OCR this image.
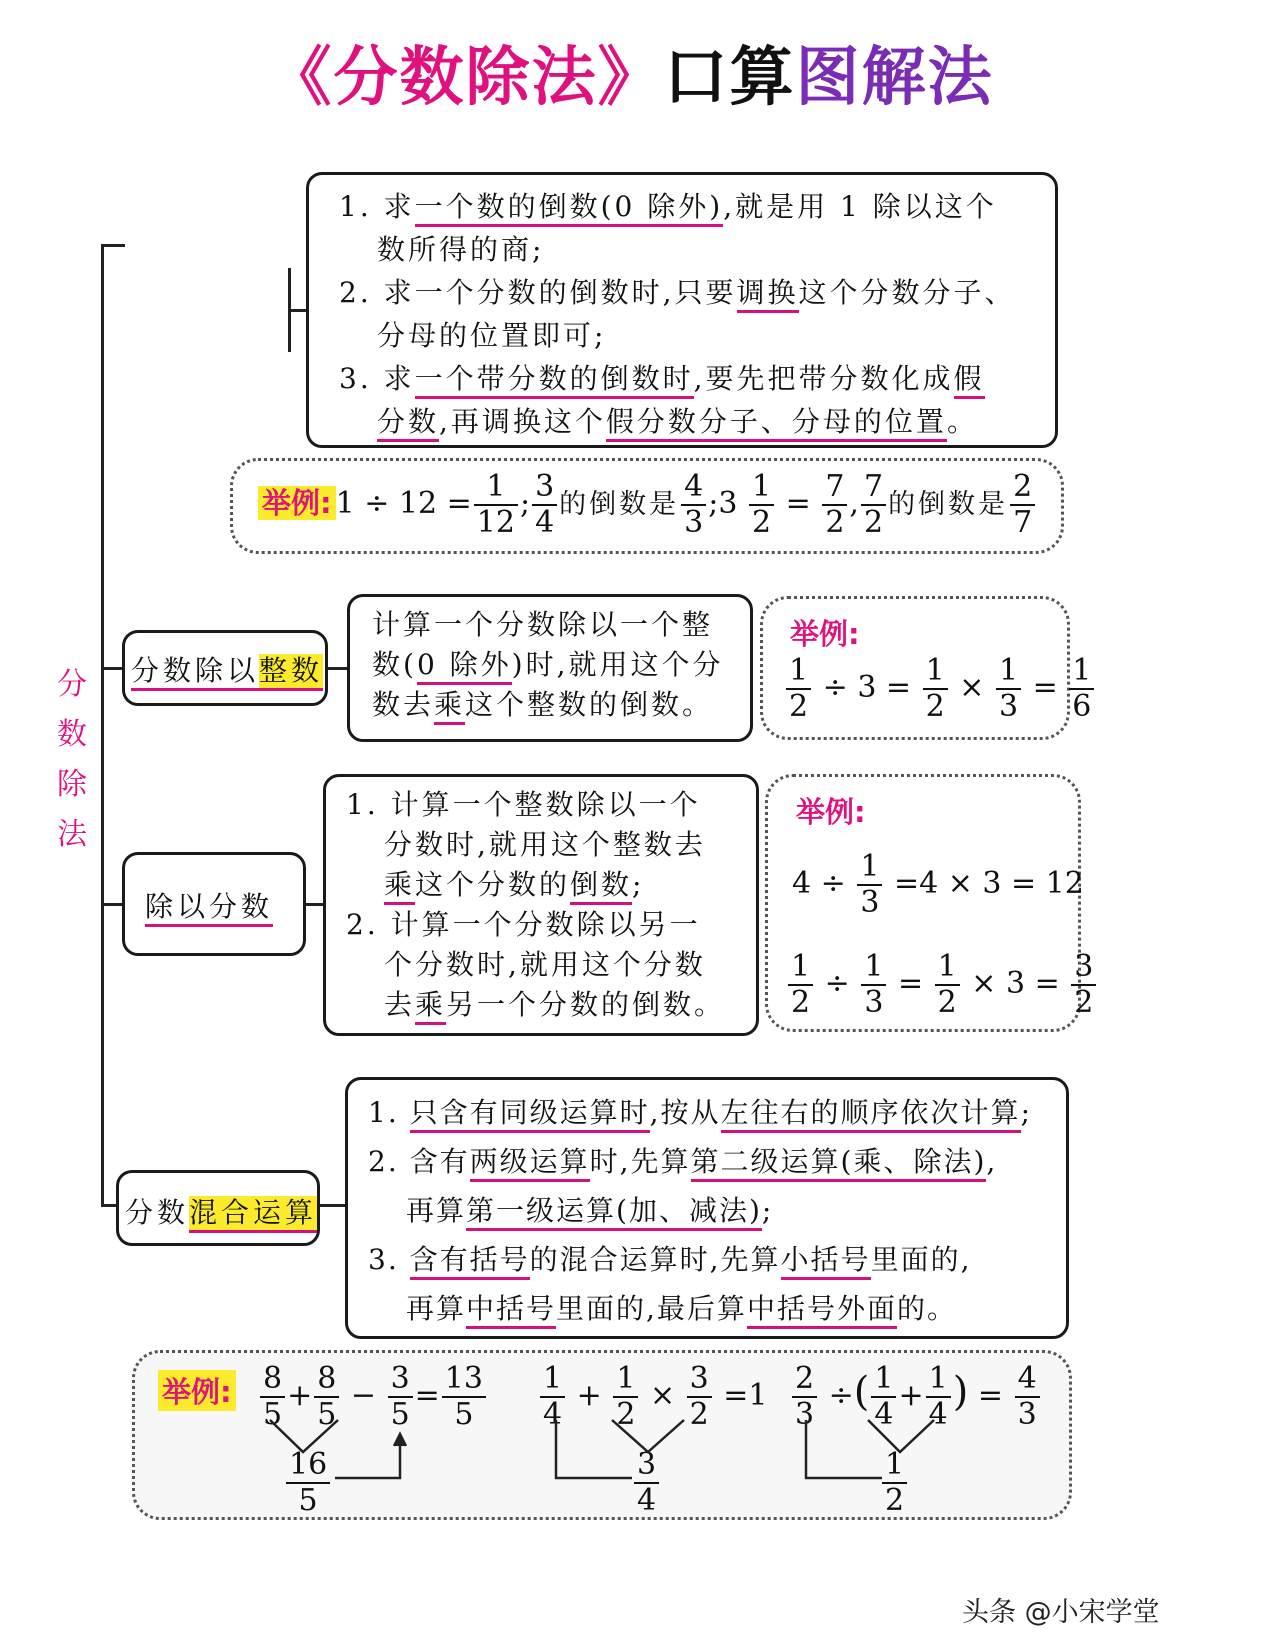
《分数除法》口算图解法
分
数
除
法
1. 求一个数的倒数(0 除外),就是用 1 除以这个
数所得的商;
2. 求一个分数的倒数时,只要调换这个分数分子、
分母的位置即可;
3. 求一个带分数的倒数时,要先把带分数化成假
分数,再调换这个假分数分子、分母的位置。
举例: $1 \div 12 = \frac{1}{12}$ ; $\frac{3}{4}$ 的倒数是 $\frac{4}{3}$ ;3 $\frac{1}{2} = \frac{7}{2}$ , $\frac{7}{2}$ 的倒数是 $\frac{2}{7}$
分数除以整数
计算一个分数除以一个整
数(0 除外)时,就用这个分
数去乘这个整数的倒数。
举例:
$\frac{1}{2} \div 3 = \frac{1}{2} \times \frac{1}{3} = \frac{1}{6}$
除以分数
1. 计算一个整数除以一个
分数时,就用这个整数去
乘这个分数的倒数;
2. 计算一个分数除以另一
个分数时,就用这个分数
去乘另一个分数的倒数。
举例:
$4 \div \frac{1}{3} =4 \times 3 = 12$
$\frac{1}{2} \div \frac{1}{3} = \frac{1}{2} \times 3 = \frac{3}{2}$
分数混合运算
1. 只含有同级运算时,按从左往右的顺序依次计算;
2. 含有两级运算时,先算第二级运算(乘、除法),
再算第一级运算(加、减法);
3. 含有括号的混合运算时,先算小括号里面的,
再算中括号里面的,最后算中括号外面的。
举例: $\frac{8}{5} + \frac{8}{5} - \frac{3}{5} = \frac{13}{5}$
$\frac{16}{5}$
$\frac{1}{4} + \frac{1}{2} \times \frac{3}{2} =1$
$\frac{3}{4}$
$\frac{2}{3}$ ÷( $\frac{1}{4} + \frac{1}{4}$ ) = $\frac{4}{3}$
$\frac{1}{2}$
头条 @小宋学堂
